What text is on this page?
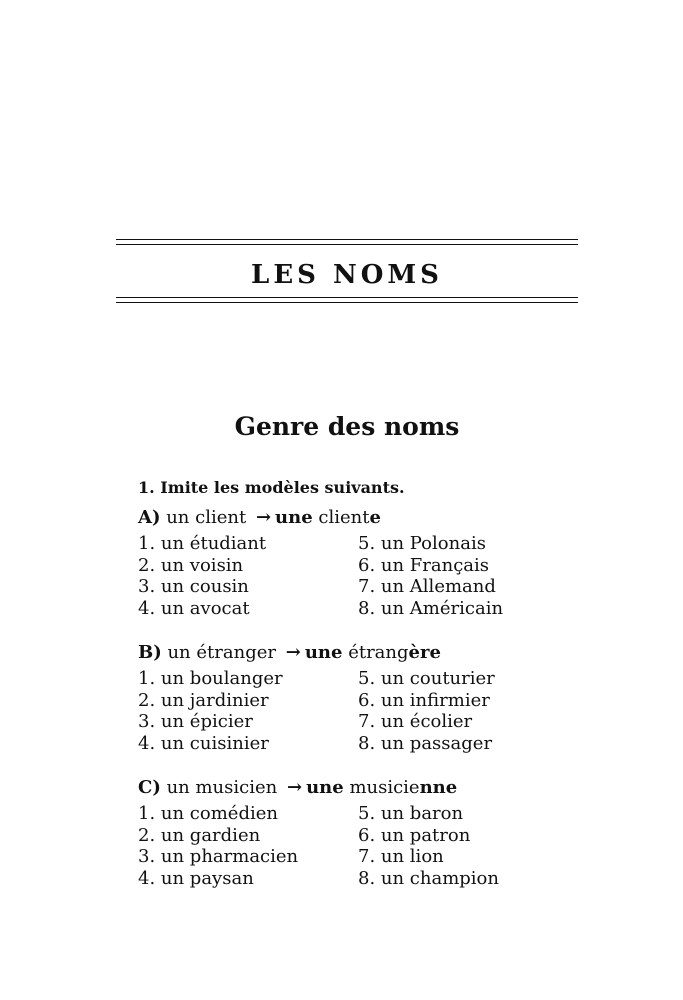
LES NOMS
Genre des noms
1. Imite les modèles suivants.
A) un client → une cliente
1. un étudiant
2. un voisin
3. un cousin
4. un avocat
5. un Polonais
6. un Français
7. un Allemand
8. un Américain
B) un étranger → une étrangère
1. un boulanger
2. un jardinier
3. un épicier
4. un cuisinier
5. un couturier
6. un infirmier
7. un écolier
8. un passager
C) un musicien → une musicienne
1. un comédien
2. un gardien
3. un pharmacien
4. un paysan
5. un baron
6. un patron
7. un lion
8. un champion
